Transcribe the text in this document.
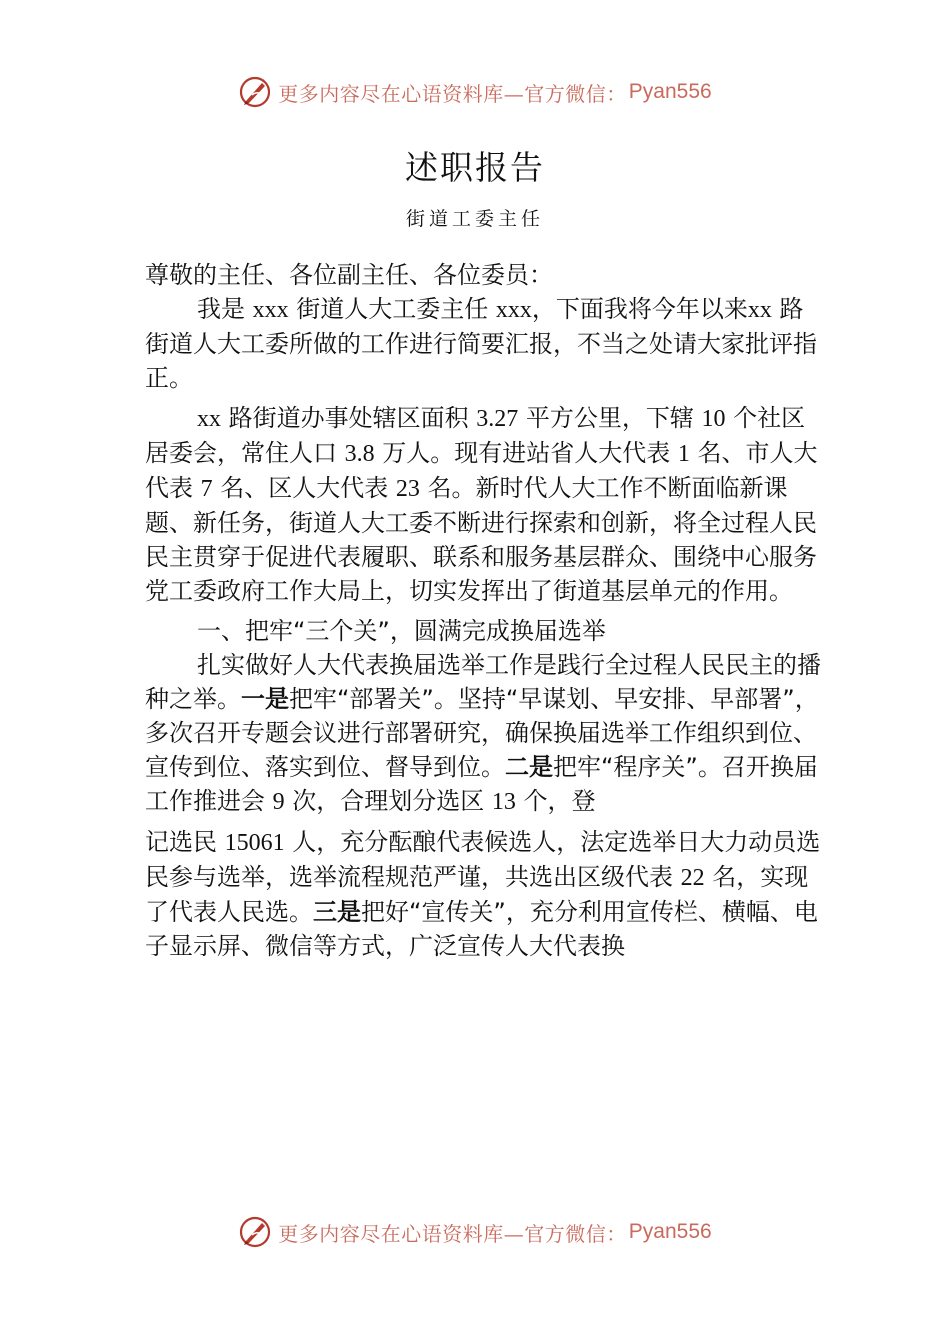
更多内容尽在心语资料库—官方微信： Pyan556
述职报告
街道工委主任

尊敬的主任、各位副主任、各位委员：

我是 xxx 街道人大工委主任 xxx，下面我将今年以来xx 路街道人大工委所做的工作进行简要汇报，不当之处请大家批评指正。

xx 路街道办事处辖区面积 3.27 平方公里，下辖 10 个社区居委会，常住人口 3.8 万人。现有进站省人大代表 1 名、市人大代表 7 名、区人大代表 23 名。新时代人大工作不断面临新课题、新任务，街道人大工委不断进行探索和创新，将全过程人民民主贯穿于促进代表履职、联系和服务基层群众、围绕中心服务党工委政府工作大局上，切实发挥出了街道基层单元的作用。

一、把牢“三个关”，圆满完成换届选举

扎实做好人大代表换届选举工作是践行全过程人民民主的播种之举。一是把牢“部署关”。坚持“早谋划、早安排、早部署”，多次召开专题会议进行部署研究，确保换届选举工作组织到位、宣传到位、落实到位、督导到位。二是把牢“程序关”。召开换届工作推进会 9 次，合理划分选区 13 个，登

记选民 15061 人，充分酝酿代表候选人，法定选举日大力动员选民参与选举，选举流程规范严谨，共选出区级代表 22 名，实现了代表人民选。三是把好“宣传关”，充分利用宣传栏、横幅、电子显示屏、微信等方式，广泛宣传人大代表换

更多内容尽在心语资料库—官方微信： Pyan556
